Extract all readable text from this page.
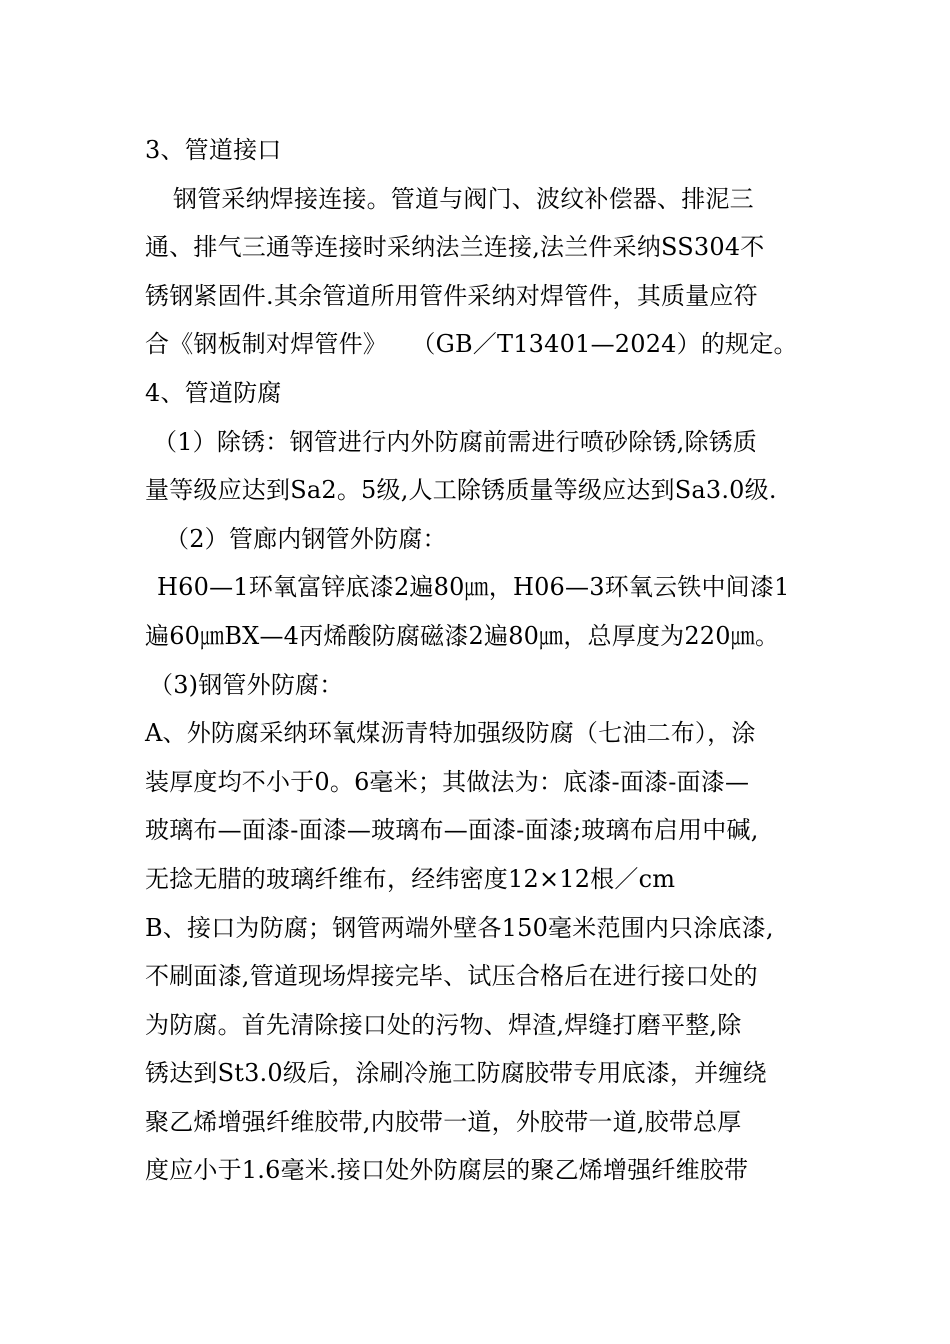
3、管道接口
钢管采纳焊接连接。管道与阀门、波纹补偿器、排泥三
通、排气三通等连接时采纳法兰连接,法兰件采纳SS304不
锈钢紧固件.其余管道所用管件采纳对焊管件，其质量应符
合《钢板制对焊管件》　　（GB／T13401—2024）的规定。
4、管道防腐
（1）除锈：钢管进行内外防腐前需进行喷砂除锈,除锈质
量等级应达到Sa2。5级,人工除锈质量等级应达到Sa3.0级.
（2）管廊内钢管外防腐：
H60—1环氧富锌底漆2遍80㎛，H06—3环氧云铁中间漆1
遍60㎛BX—4丙烯酸防腐磁漆2遍80㎛，总厚度为220㎛。
（3)钢管外防腐：
A、外防腐采纳环氧煤沥青特加强级防腐（七油二布），涂
装厚度均不小于0。6毫米；其做法为：底漆-面漆-面漆—
玻璃布—面漆-面漆—玻璃布—面漆-面漆;玻璃布启用中碱,
无捻无腊的玻璃纤维布，经纬密度12×12根／cm
B、接口为防腐；钢管两端外壁各150毫米范围内只涂底漆,
不刷面漆,管道现场焊接完毕、试压合格后在进行接口处的
为防腐。首先清除接口处的污物、焊渣,焊缝打磨平整,除
锈达到St3.0级后，涂刷冷施工防腐胶带专用底漆，并缠绕
聚乙烯增强纤维胶带,内胶带一道，外胶带一道,胶带总厚
度应小于1.6毫米.接口处外防腐层的聚乙烯增强纤维胶带
